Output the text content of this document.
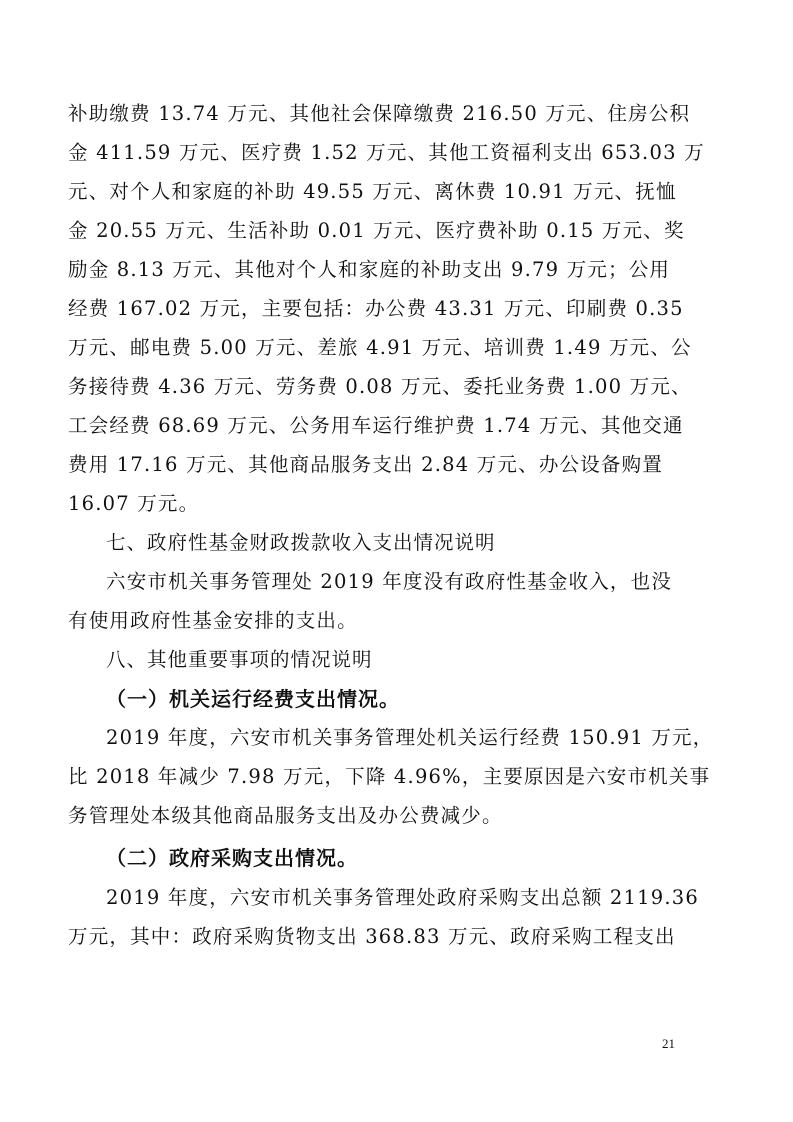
补助缴费 13.74 万元、其他社会保障缴费 216.50 万元、住房公积
金 411.59 万元、医疗费 1.52 万元、其他工资福利支出 653.03 万
元、对个人和家庭的补助 49.55 万元、离休费 10.91 万元、抚恤
金 20.55 万元、生活补助 0.01 万元、医疗费补助 0.15 万元、奖
励金 8.13 万元、其他对个人和家庭的补助支出 9.79 万元；公用
经费 167.02 万元，主要包括：办公费 43.31 万元、印刷费 0.35
万元、邮电费 5.00 万元、差旅 4.91 万元、培训费 1.49 万元、公
务接待费 4.36 万元、劳务费 0.08 万元、委托业务费 1.00 万元、
工会经费 68.69 万元、公务用车运行维护费 1.74 万元、其他交通
费用 17.16 万元、其他商品服务支出 2.84 万元、办公设备购置
16.07 万元。
七、政府性基金财政拨款收入支出情况说明
六安市机关事务管理处 2019 年度没有政府性基金收入，也没
有使用政府性基金安排的支出。
八、其他重要事项的情况说明
（一）机关运行经费支出情况。
2019 年度，六安市机关事务管理处机关运行经费 150.91 万元，
比 2018 年减少 7.98 万元，下降 4.96%，主要原因是六安市机关事
务管理处本级其他商品服务支出及办公费减少。
（二）政府采购支出情况。
2019 年度，六安市机关事务管理处政府采购支出总额 2119.36
万元，其中：政府采购货物支出 368.83 万元、政府采购工程支出
21
